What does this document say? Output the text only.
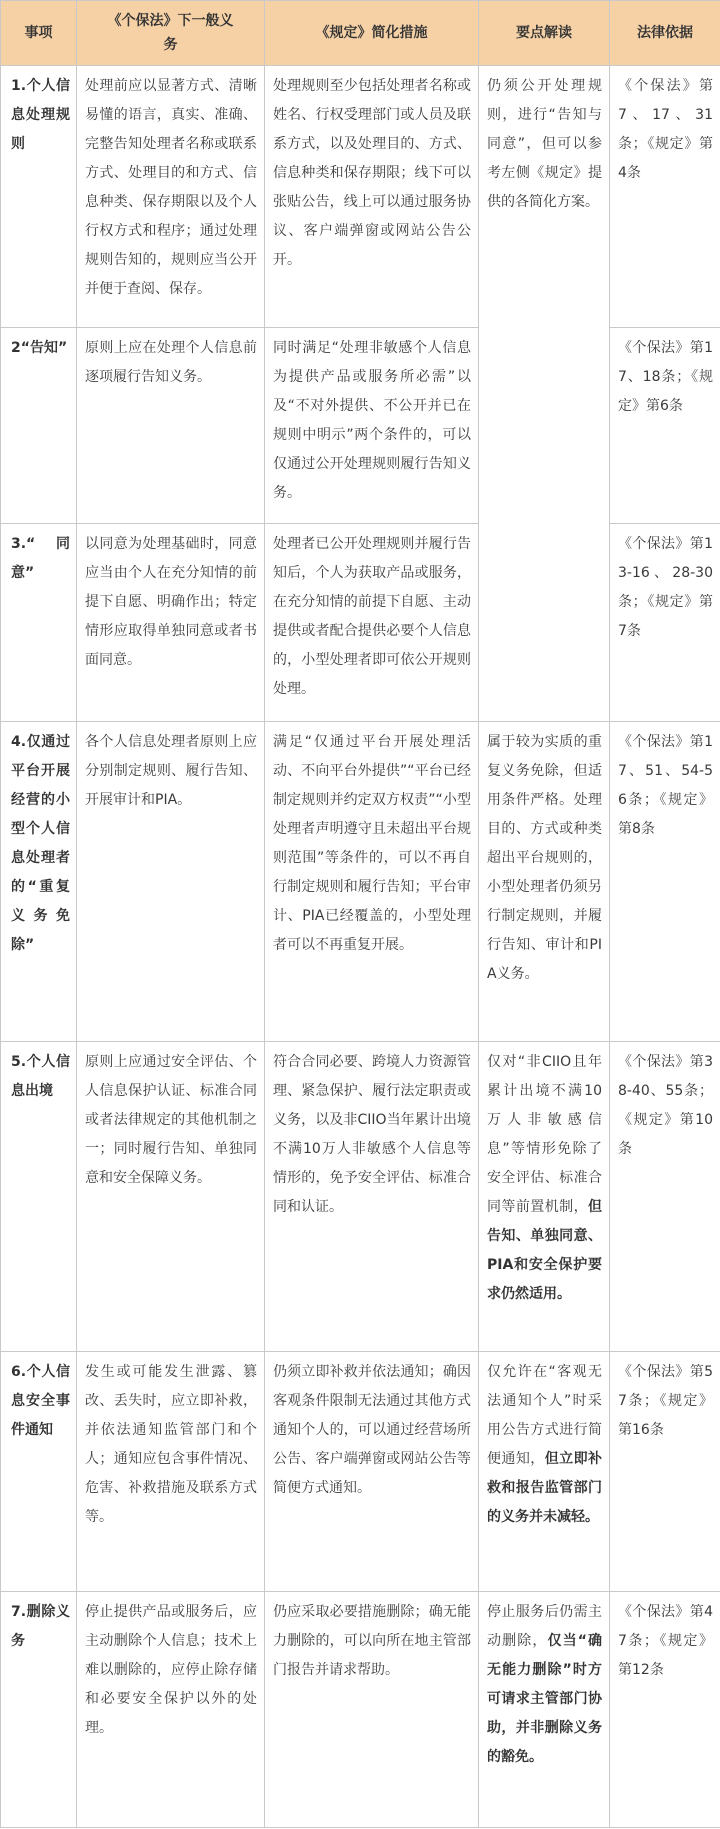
事项	《个保法》下一般义务	《规定》简化措施	要点解读	法律依据
1.个人信息处理规则	处理前应以显著方式、清晰易懂的语言，真实、准确、完整告知处理者名称或联系方式、处理目的和方式、信息种类、保存期限以及个人行权方式和程序；通过处理规则告知的，规则应当公开并便于查阅、保存。	处理规则至少包括处理者名称或姓名、行权受理部门或人员及联系方式，以及处理目的、方式、信息种类和保存期限；线下可以张贴公告，线上可以通过服务协议、客户端弹窗或网站公告公开。	仍须公开处理规则，进行“告知与同意”，但可以参考左侧《规定》提供的各简化方案。	《个保法》第7、17、31条；《规定》第4条
2“告知”	原则上应在处理个人信息前逐项履行告知义务。	同时满足“处理非敏感个人信息为提供产品或服务所必需”以及“不对外提供、不公开并已在规则中明示”两个条件的，可以仅通过公开处理规则履行告知义务。		《个保法》第17、18条；《规定》第6条
3.“同意”	以同意为处理基础时，同意应当由个人在充分知情的前提下自愿、明确作出；特定情形应取得单独同意或者书面同意。	处理者已公开处理规则并履行告知后，个人为获取产品或服务，在充分知情的前提下自愿、主动提供或者配合提供必要个人信息的，小型处理者即可依公开规则处理。		《个保法》第13-16、28-30条；《规定》第7条
4.仅通过平台开展经营的小型个人信息处理者的“重复义务免除”	各个人信息处理者原则上应分别制定规则、履行告知、开展审计和PIA。	满足“仅通过平台开展处理活动、不向平台外提供”“平台已经制定规则并约定双方权责”“小型处理者声明遵守且未超出平台规则范围”等条件的，可以不再自行制定规则和履行告知；平台审计、PIA已经覆盖的，小型处理者可以不再重复开展。	属于较为实质的重复义务免除，但适用条件严格。处理目的、方式或种类超出平台规则的，小型处理者仍须另行制定规则，并履行告知、审计和PIA义务。	《个保法》第17、51、54-56条；《规定》第8条
5.个人信息出境	原则上应通过安全评估、个人信息保护认证、标准合同或者法律规定的其他机制之一；同时履行告知、单独同意和安全保障义务。	符合合同必要、跨境人力资源管理、紧急保护、履行法定职责或义务，以及非CIIO当年累计出境不满10万人非敏感个人信息等情形的，免予安全评估、标准合同和认证。	仅对“非CIIO且年累计出境不满10万人非敏感信息”等情形免除了安全评估、标准合同等前置机制，但告知、单独同意、PIA和安全保护要求仍然适用。	《个保法》第38-40、55条；《规定》第10条
6.个人信息安全事件通知	发生或可能发生泄露、篡改、丢失时，应立即补救，并依法通知监管部门和个人；通知应包含事件情况、危害、补救措施及联系方式等。	仍须立即补救并依法通知；确因客观条件限制无法通过其他方式通知个人的，可以通过经营场所公告、客户端弹窗或网站公告等简便方式通知。	仅允许在“客观无法通知个人”时采用公告方式进行简便通知，但立即补救和报告监管部门的义务并未减轻。	《个保法》第57条；《规定》第16条
7.删除义务	停止提供产品或服务后，应主动删除个人信息；技术上难以删除的，应停止除存储和必要安全保护以外的处理。	仍应采取必要措施删除；确无能力删除的，可以向所在地主管部门报告并请求帮助。	停止服务后仍需主动删除，仅当“确无能力删除”时方可请求主管部门协助，并非删除义务的豁免。	《个保法》第47条；《规定》第12条
